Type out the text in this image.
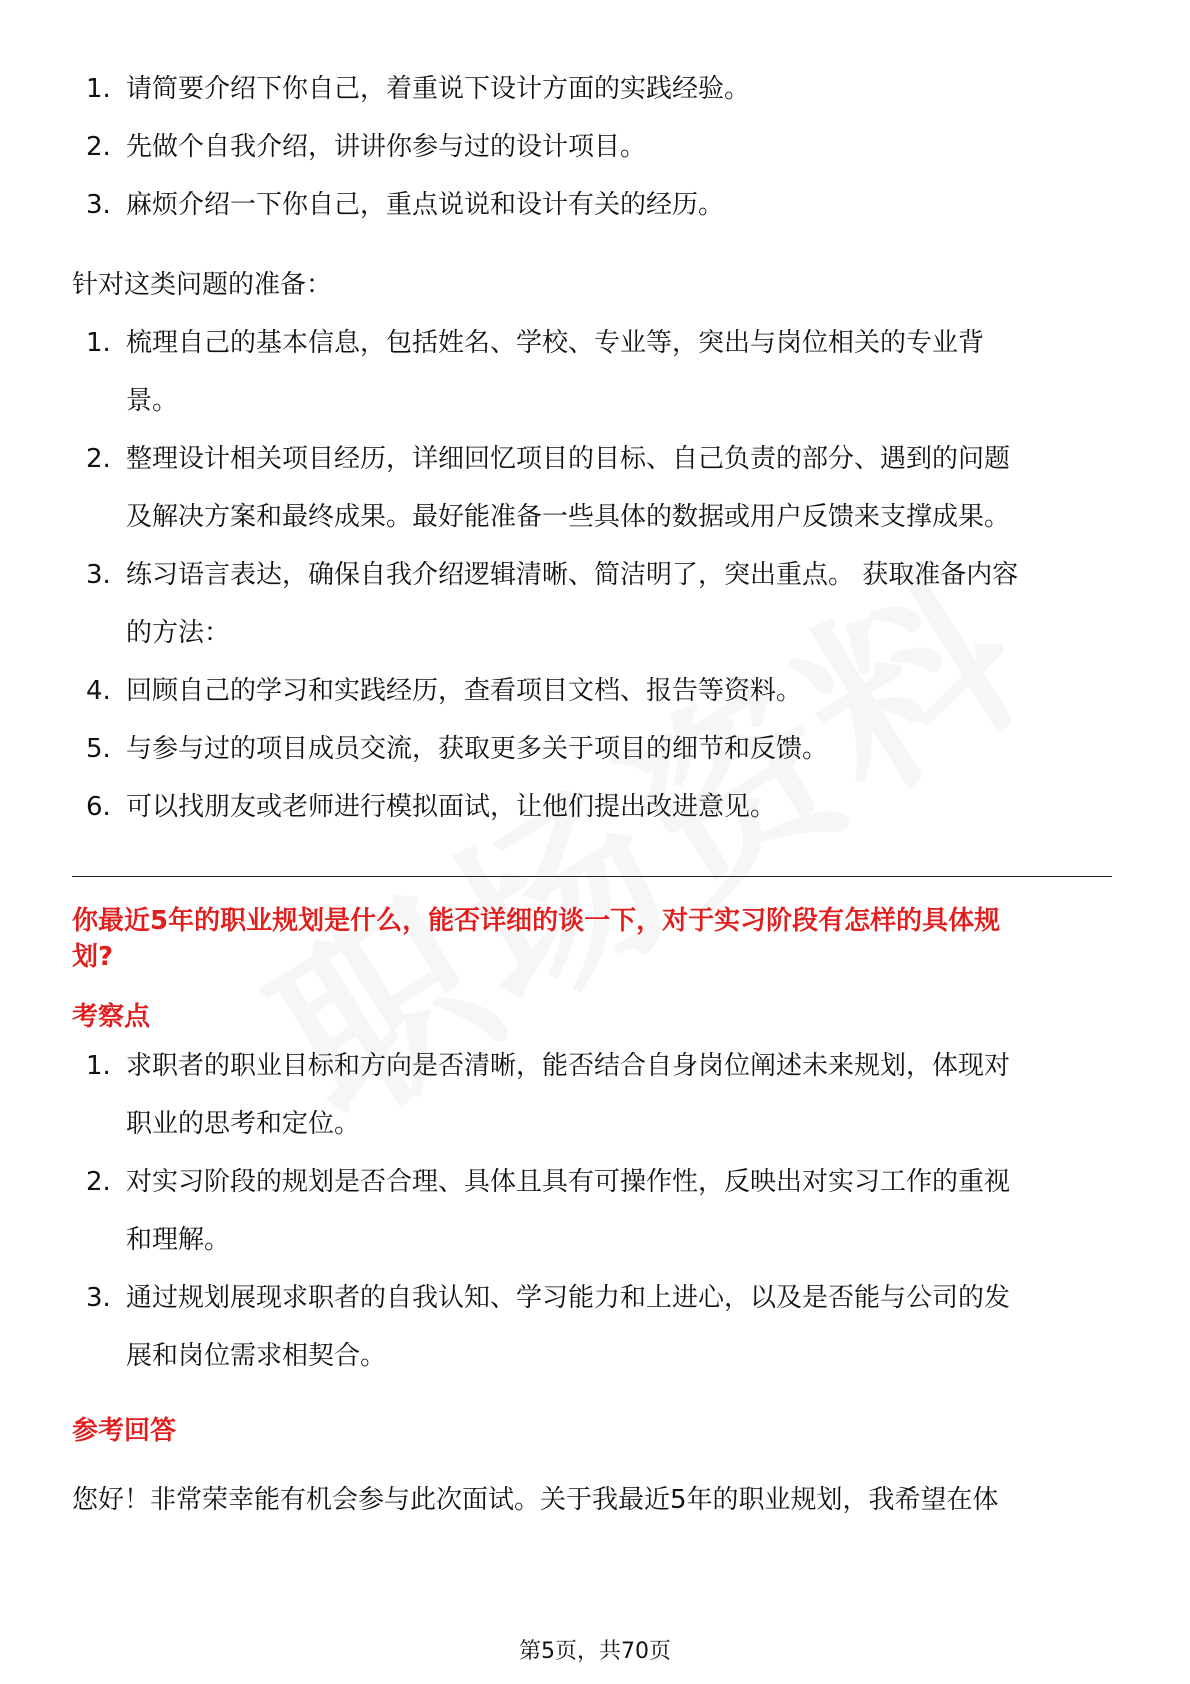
1. 请简要介绍下你自己，着重说下设计方面的实践经验。
2. 先做个自我介绍，讲讲你参与过的设计项目。
3. 麻烦介绍一下你自己，重点说说和设计有关的经历。

针对这类问题的准备：

1. 梳理自己的基本信息，包括姓名、学校、专业等，突出与岗位相关的专业背
景。
2. 整理设计相关项目经历，详细回忆项目的目标、自己负责的部分、遇到的问题
及解决方案和最终成果。最好能准备一些具体的数据或用户反馈来支撑成果。
3. 练习语言表达，确保自我介绍逻辑清晰、简洁明了，突出重点。 获取准备内容
的方法：
4. 回顾自己的学习和实践经历，查看项目文档、报告等资料。
5. 与参与过的项目成员交流，获取更多关于项目的细节和反馈。
6. 可以找朋友或老师进行模拟面试，让他们提出改进意见。

你最近5年的职业规划是什么，能否详细的谈一下，对于实习阶段有怎样的具体规
划?

考察点

1. 求职者的职业目标和方向是否清晰，能否结合自身岗位阐述未来规划，体现对
职业的思考和定位。
2. 对实习阶段的规划是否合理、具体且具有可操作性，反映出对实习工作的重视
和理解。
3. 通过规划展现求职者的自我认知、学习能力和上进心，以及是否能与公司的发
展和岗位需求相契合。

参考回答

您好！非常荣幸能有机会参与此次面试。关于我最近5年的职业规划，我希望在体

第5页，共70页
